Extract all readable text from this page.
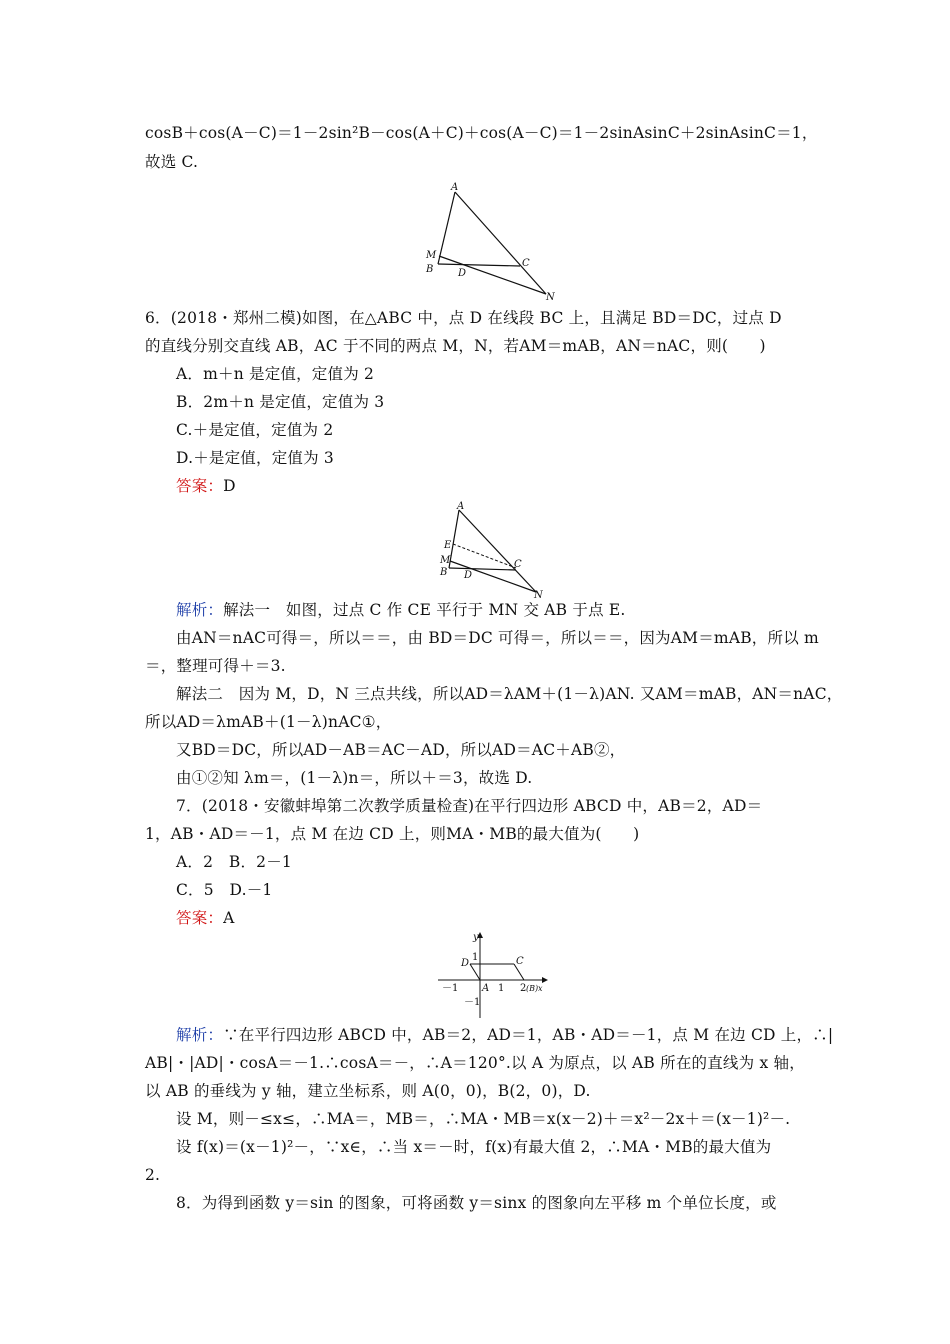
cosB＋cos(A－C)＝1－2sin²B－cos(A＋C)＋cos(A－C)＝1－2sinAsinC＋2sinAsinC＝1，
故选 C.
A
M
B D
C
N
6．(2018・郑州二模)如图，在△ABC 中，点 D 在线段 BC 上，且满足 BD＝DC，过点 D
的直线分别交直线 AB，AC 于不同的两点 M，N，若AM＝mAB，AN＝nAC，则(　　)
A．m＋n 是定值，定值为 2
B．2m＋n 是定值，定值为 3
C.＋是定值，定值为 2
D.＋是定值，定值为 3
答案：D
A
E
M
B D
C
N
解析：解法一　如图，过点 C 作 CE 平行于 MN 交 AB 于点 E.
由AN＝nAC可得＝，所以＝＝，由 BD＝DC 可得＝，所以＝＝，因为AM＝mAB，所以 m
＝，整理可得＋＝3.
解法二　因为 M，D，N 三点共线，所以AD＝λAM＋(1－λ)AN. 又AM＝mAB，AN＝nAC，
所以AD＝λmAB＋(1－λ)nAC①，
又BD＝DC，所以AD－AB＝AC－AD，所以AD＝AC＋AB②，
由①②知 λm＝，(1－λ)n＝，所以＋＝3，故选 D.
7．(2018・安徽蚌埠第二次教学质量检查)在平行四边形 ABCD 中，AB＝2，AD＝
1，AB・AD＝－1，点 M 在边 CD 上，则MA・MB的最大值为(　　)
A．2　B．2－1
C．5　D.－1
答案：A
y
1
D	C
－1 A 1 2 (B) x
－1
解析：∵在平行四边形 ABCD 中，AB＝2，AD＝1，AB・AD＝－1，点 M 在边 CD 上，∴|
AB|・|AD|・cosA＝－1.∴cosA＝－，∴A＝120°.以 A 为原点，以 AB 所在的直线为 x 轴，
以 AB 的垂线为 y 轴，建立坐标系，则 A(0，0)，B(2，0)，D.
设 M，则－≤x≤，∴MA＝，MB＝，∴MA・MB＝x(x－2)＋＝x²－2x＋＝(x－1)²－.
设 f(x)＝(x－1)²－，∵x∈，∴当 x＝－时，f(x)有最大值 2，∴MA・MB的最大值为
2.
8．为得到函数 y＝sin 的图象，可将函数 y＝sinx 的图象向左平移 m 个单位长度，或
